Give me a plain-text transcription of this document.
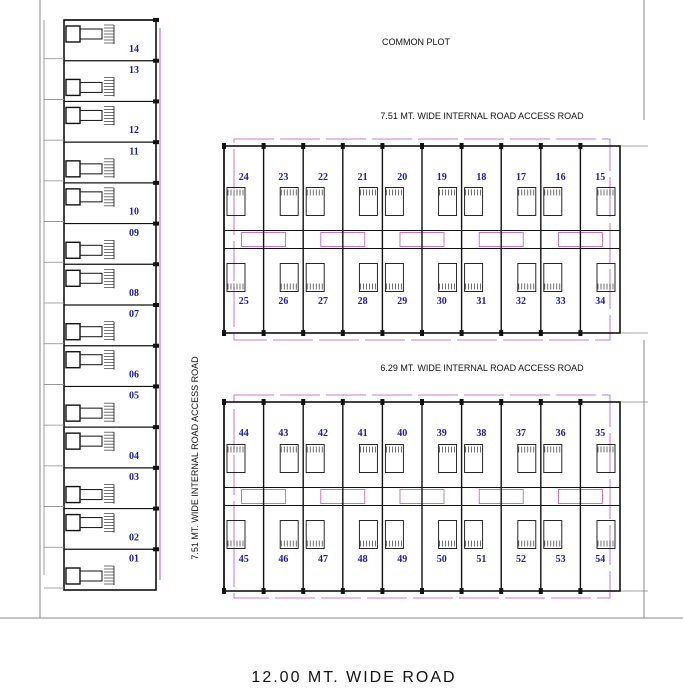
COMMON PLOT
7.51 MT. WIDE INTERNAL ROAD ACCESS ROAD
6.29 MT. WIDE INTERNAL ROAD ACCESS ROAD
7.51 MT. WIDE INTERNAL ROAD ACCESS ROAD
12.00 MT. WIDE ROAD
14
13
12
11
10
09
08
07
06
05
04
03
02
01
24
25
23
26
22
27
21
28
20
29
19
30
18
31
17
32
16
33
15
34
44
45
43
46
42
47
41
48
40
49
39
50
38
51
37
52
36
53
35
54
